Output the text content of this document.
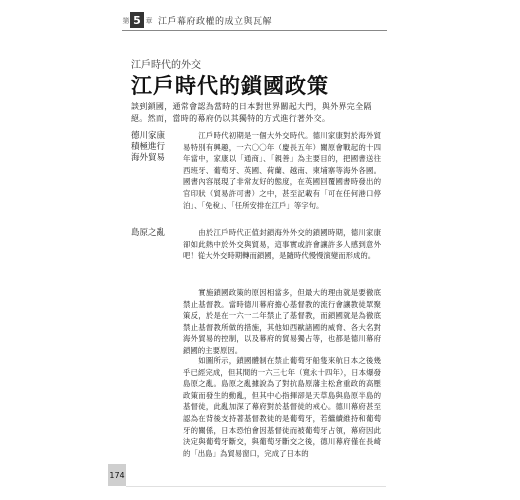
第 5 章 江戶幕府政權的成立與瓦解
江戶時代的外交
江戶時代的鎖國政策
談到鎖國，通常會認為當時的日本對世界關起大門，與外界完全隔絕。然而，當時的幕府仍以其獨特的方式進行著外交。
德川家康
積極進行
海外貿易
島原之亂
　　江戶時代初期是一個大外交時代。德川家康對於海外貿易特別有興趣，一六〇〇年（慶長五年）關原會戰起的十四年當中，家康以「通商」、「親善」為主要目的，把國書送往西班牙、葡萄牙、英國、荷蘭、越南、柬埔寨等海外各國。國書內容展現了非常友好的態度，在英國回覆國書時發出的官印狀（貿易許可書）之中，甚至記載有「可在任何港口停泊」、「免稅」、「任所安排在江戶」等字句。
　　由於江戶時代正值封鎖海外外交的鎖國時期，德川家康卻如此熱中於外交與貿易，這事實或許會讓許多人感到意外吧！從大外交時期轉而鎖國，是隨時代慢慢演變而形成的。
　　實施鎖國政策的原因相當多，但最大的理由就是要徹底禁止基督教。當時德川幕府擔心基督教的流行會讓教徒眾聚策反，於是在一六一二年禁止了基督教，而鎖國就是為徹底禁止基督教所做的措施，其他如西歐諸國的威脅、各大名對海外貿易的控制，以及幕府的貿易獨占等，也都是德川幕府鎖國的主要原因。
　　如圖所示，鎖國體制在禁止葡萄牙船隻來航日本之後幾乎已經完成，但其間的一六三七年（寬永十四年），日本爆發島原之亂。島原之亂據說為了對抗島原藩主松倉重政的高壓政策而發生的動亂，但其中心指揮卻是天草島與島原半島的基督徒，此亂加深了幕府對於基督徒的戒心。德川幕府甚至認為在背後支持著基督教徒的是葡萄牙，若繼續維持和葡萄牙的關係，日本恐怕會因基督徒而被葡萄牙占領，幕府因此決定與葡萄牙斷交，與葡萄牙斷交之後，德川幕府僅在長崎的「出島」為貿易窗口，完成了日本的
174
